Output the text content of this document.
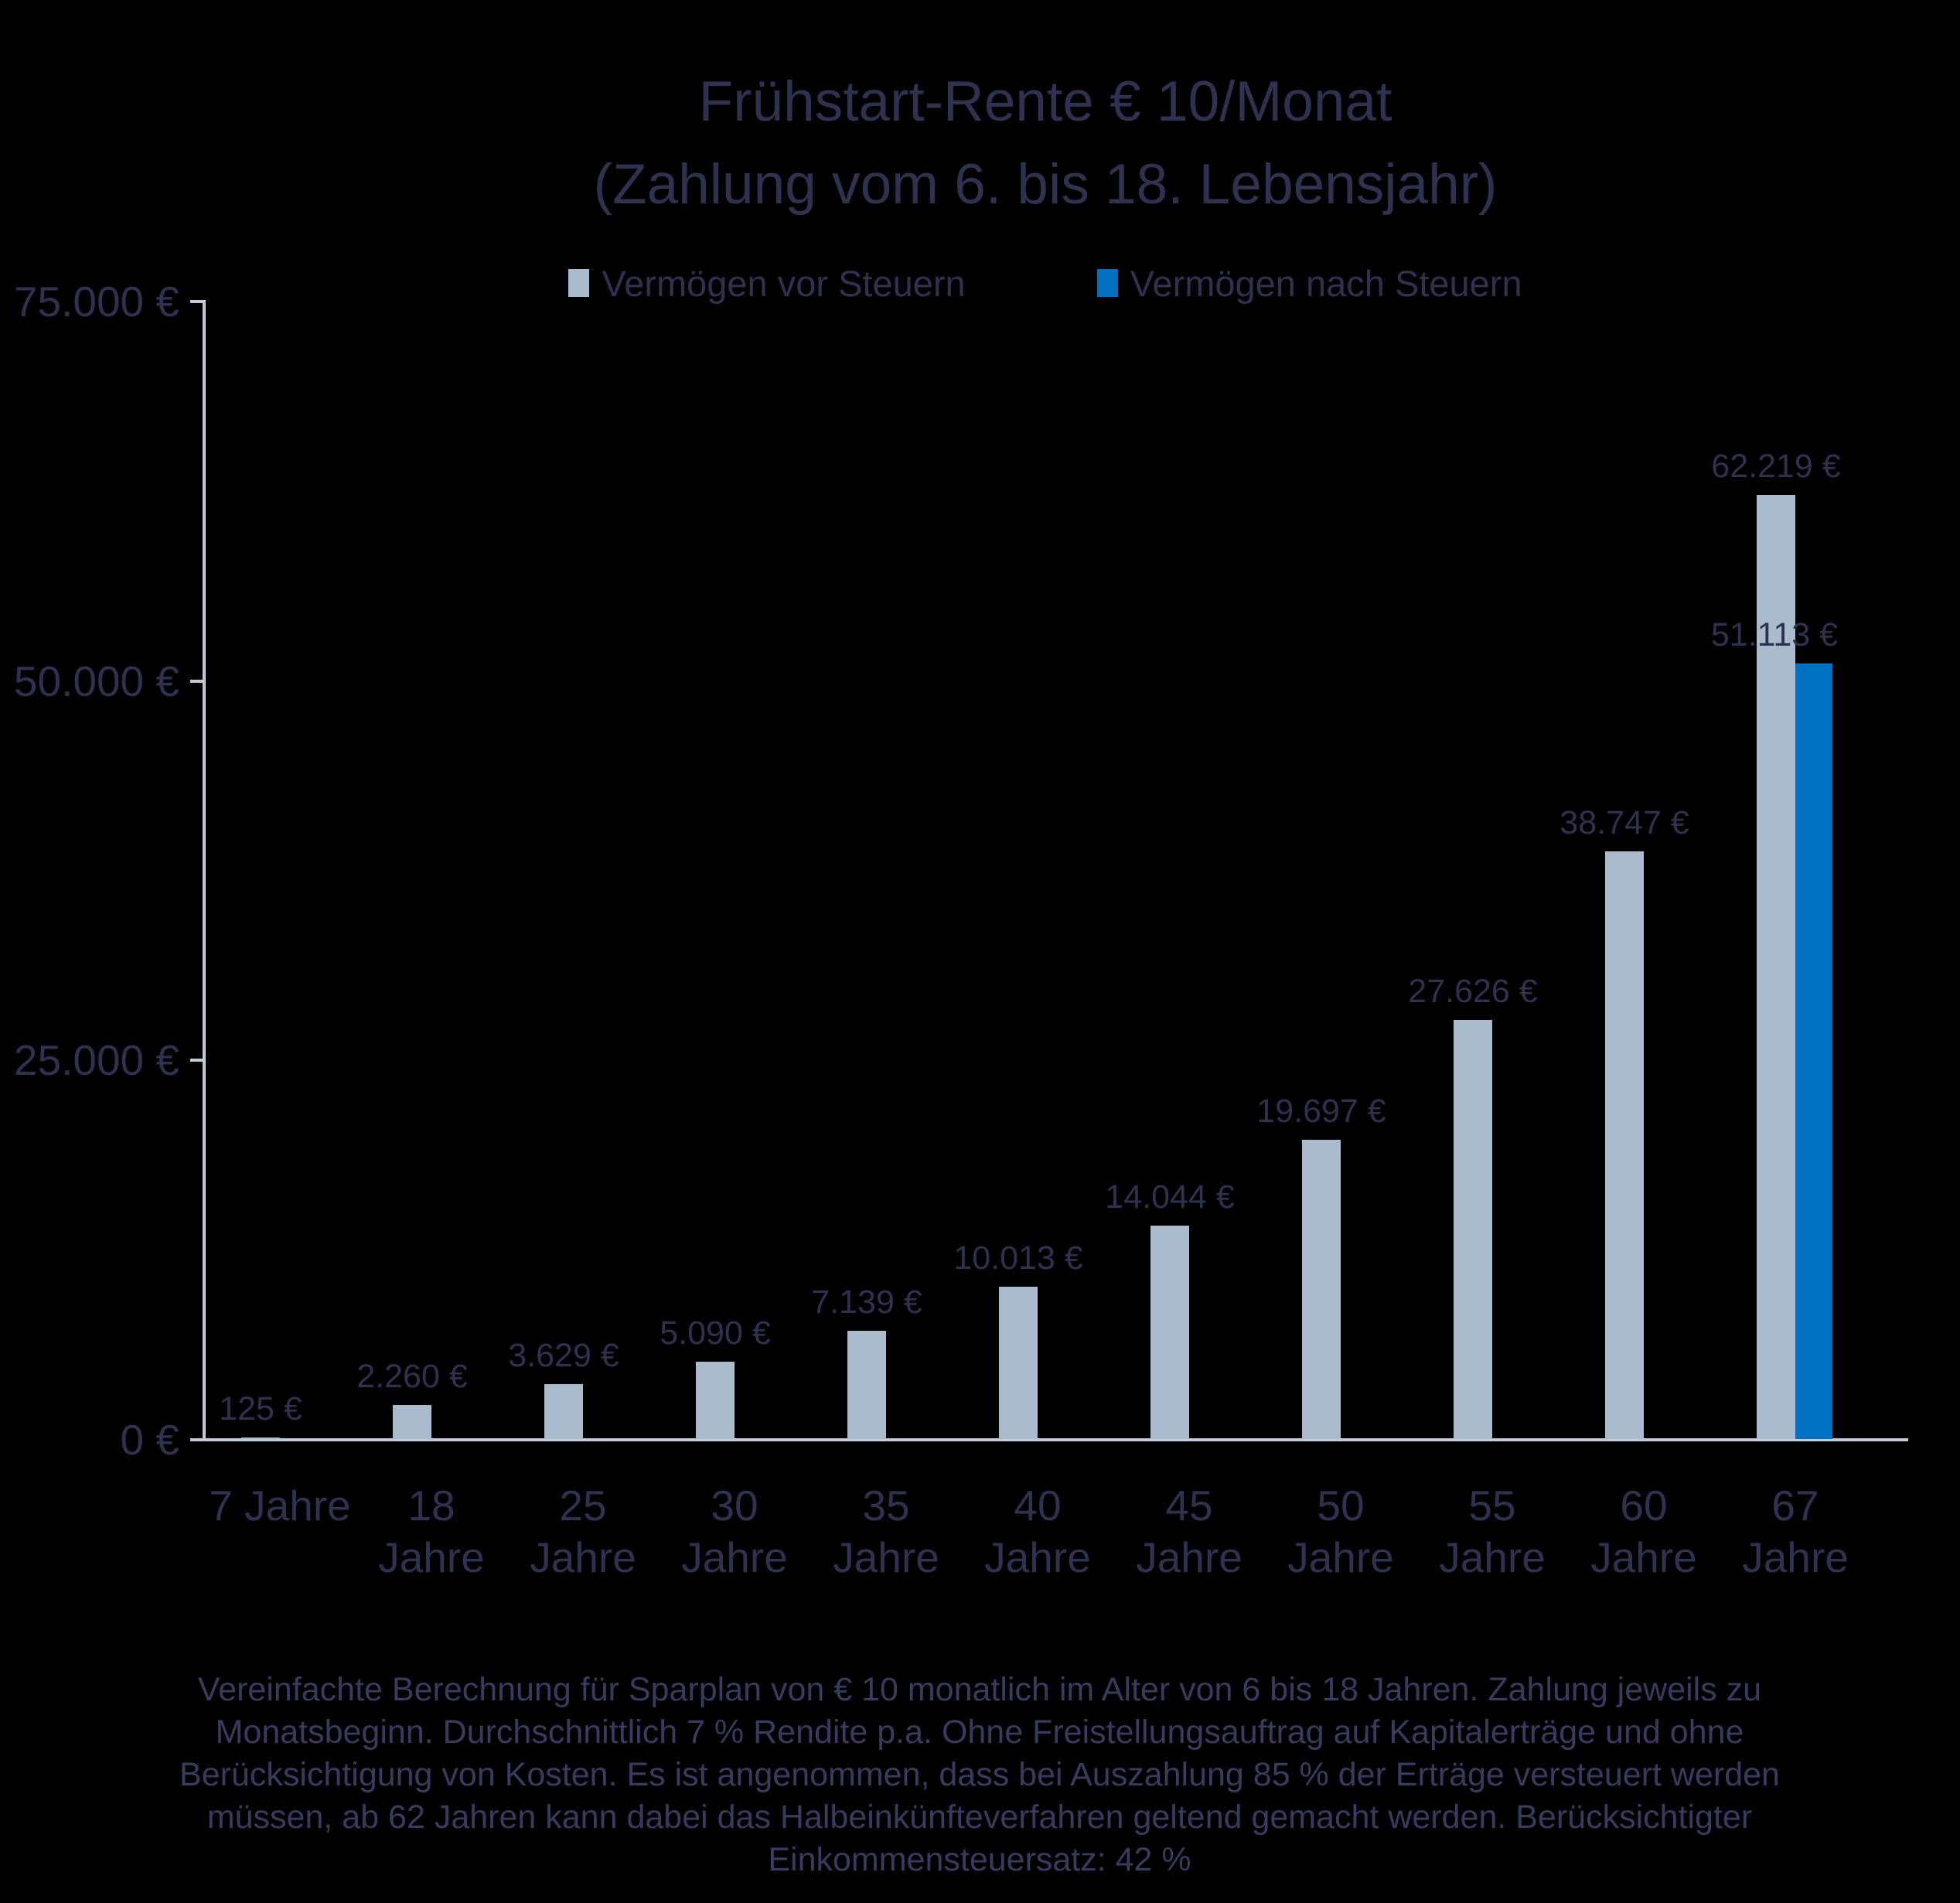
Frühstart-Rente € 10/Monat
(Zahlung vom 6. bis 18. Lebensjahr)
Vermögen vor Steuern	Vermögen nach Steuern
0 €
25.000 €
50.000 €
75.000 €
125 €
7 Jahre
2.260 €
18 Jahre
3.629 €
25 Jahre
5.090 €
30 Jahre
7.139 €
35 Jahre
10.013 €
40 Jahre
14.044 €
45 Jahre
19.697 €
50 Jahre
27.626 €
55 Jahre
38.747 €
60 Jahre
62.219 €
51.113 €
67 Jahre
Vereinfachte Berechnung für Sparplan von € 10 monatlich im Alter von 6 bis 18 Jahren. Zahlung jeweils zu Monatsbeginn. Durchschnittlich 7 % Rendite p.a. Ohne Freistellungsauftrag auf Kapitalerträge und ohne Berücksichtigung von Kosten. Es ist angenommen, dass bei Auszahlung 85 % der Erträge versteuert werden müssen, ab 62 Jahren kann dabei das Halbeinkünfteverfahren geltend gemacht werden. Berücksichtigter Einkommensteuersatz: 42 %
